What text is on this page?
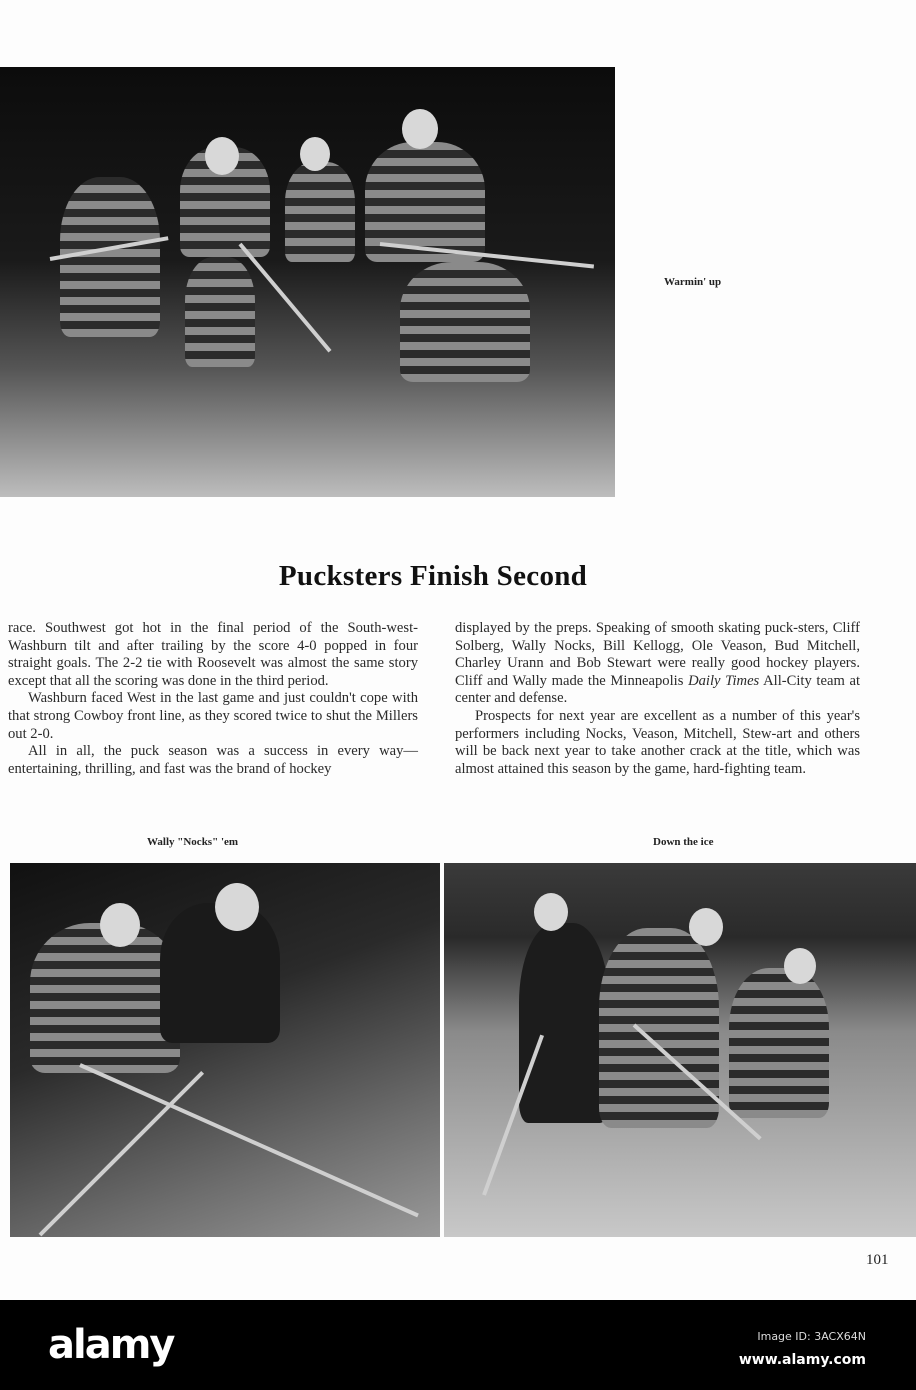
Warmin' up
Pucksters Finish Second

race. Southwest got hot in the final period of the South-west-Washburn tilt and after trailing by the score 4-0 popped in four straight goals. The 2-2 tie with Roosevelt was almost the same story except that all the scoring was done in the third period.

Washburn faced West in the last game and just couldn't cope with that strong Cowboy front line, as they scored twice to shut the Millers out 2-0.

All in all, the puck season was a success in every way—entertaining, thrilling, and fast was the brand of hockey

displayed by the preps. Speaking of smooth skating puck-sters, Cliff Solberg, Wally Nocks, Bill Kellogg, Ole Veason, Bud Mitchell, Charley Urann and Bob Stewart were really good hockey players. Cliff and Wally made the Minneapolis Daily Times All-City team at center and defense.

Prospects for next year are excellent as a number of this year's performers including Nocks, Veason, Mitchell, Stew-art and others will be back next year to take another crack at the title, which was almost attained this season by the game, hard-fighting team.

Wally "Nocks" 'em	Down the ice
101
alamy	Image ID: 3ACX64N
www.alamy.com
